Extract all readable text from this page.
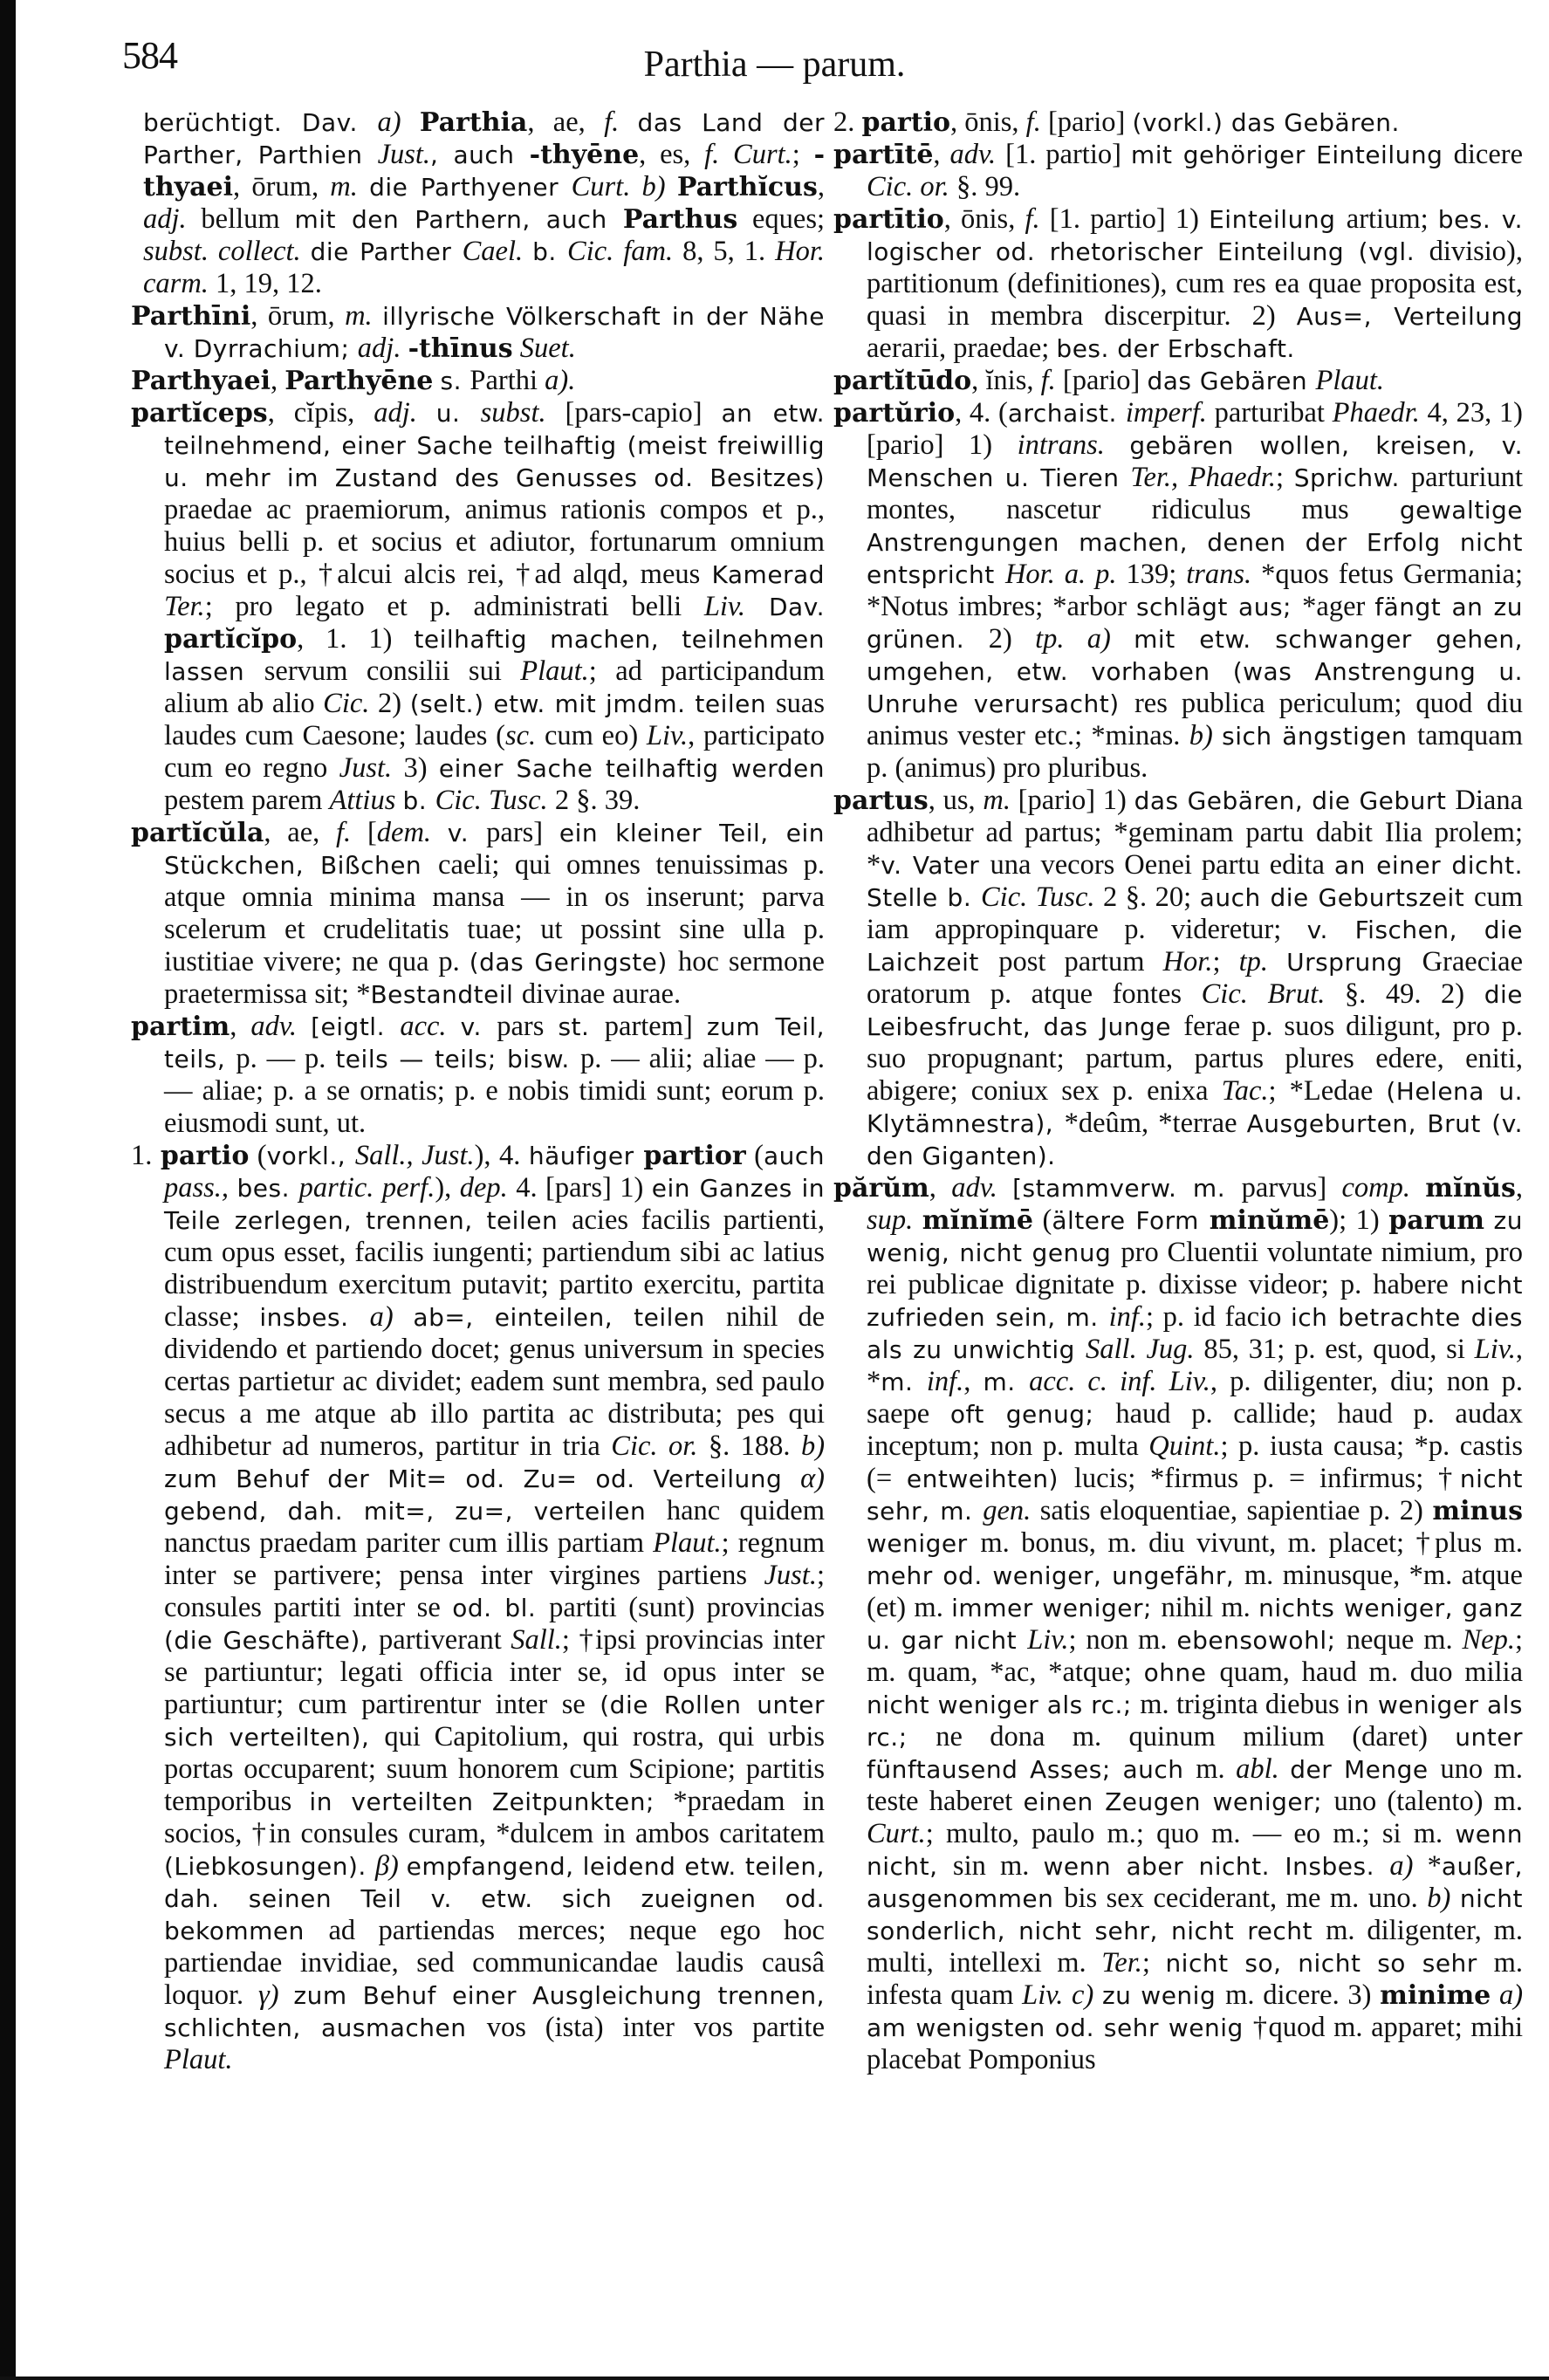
584	Parthia — parum.

berüchtigt. Dav. a) Parthia, ae, f. das Land der Parther, Parthien Just., auch -thyēne, es, f. Curt.; -thyaei, ōrum, m. die Parthyener Curt. b) Parthĭcus, adj. bellum mit den Parthern, auch Parthus eques; subst. collect. die Parther Cael. b. Cic. fam. 8, 5, 1. Hor. carm. 1, 19, 12.

Parthīni, ōrum, m. illyrische Völkerschaft in der Nähe v. Dyrrachium; adj. -thīnus Suet.

Parthyaei, Parthyēne s. Parthi a).

partĭceps, cĭpis, adj. u. subst. [pars-capio] an etw. teilnehmend, einer Sache teilhaftig (meist freiwillig u. mehr im Zustand des Genusses od. Besitzes) praedae ac praemiorum, animus rationis compos et p., huius belli p. et socius et adiutor, fortunarum omnium socius et p., †alcui alcis rei, †ad alqd, meus Kamerad Ter.; pro legato et p. administrati belli Liv. Dav. partĭcĭpo, 1. 1) teilhaftig machen, teilnehmen lassen servum consilii sui Plaut.; ad participandum alium ab alio Cic. 2) (selt.) etw. mit jmdm. teilen suas laudes cum Caesone; laudes (sc. cum eo) Liv., participato cum eo regno Just. 3) einer Sache teilhaftig werden pestem parem Attius b. Cic. Tusc. 2 §. 39.

partĭcŭla, ae, f. [dem. v. pars] ein kleiner Teil, ein Stückchen, Bißchen caeli; qui omnes tenuissimas p. atque omnia minima mansa — in os inserunt; parva scelerum et crudelitatis tuae; ut possint sine ulla p. iustitiae vivere; ne qua p. (das Geringste) hoc sermone praetermissa sit; *Bestandteil divinae aurae.

partim, adv. [eigtl. acc. v. pars st. partem] zum Teil, teils, p. — p. teils — teils; bisw. p. — alii; aliae — p. — aliae; p. a se ornatis; p. e nobis timidi sunt; eorum p. eiusmodi sunt, ut.

1. partio (vorkl., Sall., Just.), 4. häufiger partior (auch pass., bes. partic. perf.), dep. 4. [pars] 1) ein Ganzes in Teile zerlegen, trennen, teilen acies facilis partienti, cum opus esset, facilis iungenti; partiendum sibi ac latius distribuendum exercitum putavit; partito exercitu, partita classe; insbes. a) ab=, einteilen, teilen nihil de dividendo et partiendo docet; genus universum in species certas partietur ac dividet; eadem sunt membra, sed paulo secus a me atque ab illo partita ac distributa; pes qui adhibetur ad numeros, partitur in tria Cic. or. §. 188. b) zum Behuf der Mit= od. Zu= od. Verteilung α) gebend, dah. mit=, zu=, verteilen hanc quidem nanctus praedam pariter cum illis partiam Plaut.; regnum inter se partivere; pensa inter virgines partiens Just.; consules partiti inter se od. bl. partiti (sunt) provincias (die Geschäfte), partiverant Sall.; †ipsi provincias inter se partiuntur; legati officia inter se, id opus inter se partiuntur; cum partirentur inter se (die Rollen unter sich verteilten), qui Capitolium, qui rostra, qui urbis portas occuparent; suum honorem cum Scipione; partitis temporibus in verteilten Zeitpunkten; *praedam in socios, †in consules curam, *dulcem in ambos caritatem (Liebkosungen). β) empfangend, leidend etw. teilen, dah. seinen Teil v. etw. sich zueignen od. bekommen ad partiendas merces; neque ego hoc partiendae invidiae, sed communicandae laudis causâ loquor. γ) zum Behuf einer Ausgleichung trennen, schlichten, ausmachen vos (ista) inter vos partite Plaut.

2. partio, ōnis, f. [pario] (vorkl.) das Gebären.

partītē, adv. [1. partio] mit gehöriger Einteilung dicere Cic. or. §. 99.

partītio, ōnis, f. [1. partio] 1) Einteilung artium; bes. v. logischer od. rhetorischer Einteilung (vgl. divisio), partitionum (definitiones), cum res ea quae proposita est, quasi in membra discerpitur. 2) Aus=, Verteilung aerarii, praedae; bes. der Erbschaft.

partĭtūdo, ĭnis, f. [pario] das Gebären Plaut.

partŭrio, 4. (archaist. imperf. parturibat Phaedr. 4, 23, 1) [pario] 1) intrans. gebären wollen, kreisen, v. Menschen u. Tieren Ter., Phaedr.; Sprichw. parturiunt montes, nascetur ridiculus mus gewaltige Anstrengungen machen, denen der Erfolg nicht entspricht Hor. a. p. 139; trans. *quos fetus Germania; *Notus imbres; *arbor schlägt aus; *ager fängt an zu grünen. 2) tp. a) mit etw. schwanger gehen, umgehen, etw. vorhaben (was Anstrengung u. Unruhe verursacht) res publica periculum; quod diu animus vester etc.; *minas. b) sich ängstigen tamquam p. (animus) pro pluribus.

partus, us, m. [pario] 1) das Gebären, die Geburt Diana adhibetur ad partus; *geminam partu dabit Ilia prolem; *v. Vater una vecors Oenei partu edita an einer dicht. Stelle b. Cic. Tusc. 2 §. 20; auch die Geburtszeit cum iam appropinquare p. videretur; v. Fischen, die Laichzeit post partum Hor.; tp. Ursprung Graeciae oratorum p. atque fontes Cic. Brut. §. 49. 2) die Leibesfrucht, das Junge ferae p. suos diligunt, pro p. suo propugnant; partum, partus plures edere, eniti, abigere; coniux sex p. enixa Tac.; *Ledae (Helena u. Klytämnestra), *deûm, *terrae Ausgeburten, Brut (v. den Giganten).

părŭm, adv. [stammverw. m. parvus] comp. mĭnŭs, sup. mĭnĭmē (ältere Form minŭmē); 1) parum zu wenig, nicht genug pro Cluentii voluntate nimium, pro rei publicae dignitate p. dixisse videor; p. habere nicht zufrieden sein, m. inf.; p. id facio ich betrachte dies als zu unwichtig Sall. Jug. 85, 31; p. est, quod, si Liv., *m. inf., m. acc. c. inf. Liv., p. diligenter, diu; non p. saepe oft genug; haud p. callide; haud p. audax inceptum; non p. multa Quint.; p. iusta causa; *p. castis (= entweihten) lucis; *firmus p. = infirmus; †nicht sehr, m. gen. satis eloquentiae, sapientiae p. 2) minus weniger m. bonus, m. diu vivunt, m. placet; †plus m. mehr od. weniger, ungefähr, m. minusque, *m. atque (et) m. immer weniger; nihil m. nichts weniger, ganz u. gar nicht Liv.; non m. ebensowohl; neque m. Nep.; m. quam, *ac, *atque; ohne quam, haud m. duo milia nicht weniger als rc.; m. triginta diebus in weniger als rc.; ne dona m. quinum milium (daret) unter fünftausend Asses; auch m. abl. der Menge uno m. teste haberet einen Zeugen weniger; uno (talento) m. Curt.; multo, paulo m.; quo m. — eo m.; si m. wenn nicht, sin m. wenn aber nicht. Insbes. a) *außer, ausgenommen bis sex ceciderant, me m. uno. b) nicht sonderlich, nicht sehr, nicht recht m. diligenter, m. multi, intellexi m. Ter.; nicht so, nicht so sehr m. infesta quam Liv. c) zu wenig m. dicere. 3) minime a) am wenigsten od. sehr wenig †quod m. apparet; mihi placebat Pomponius
